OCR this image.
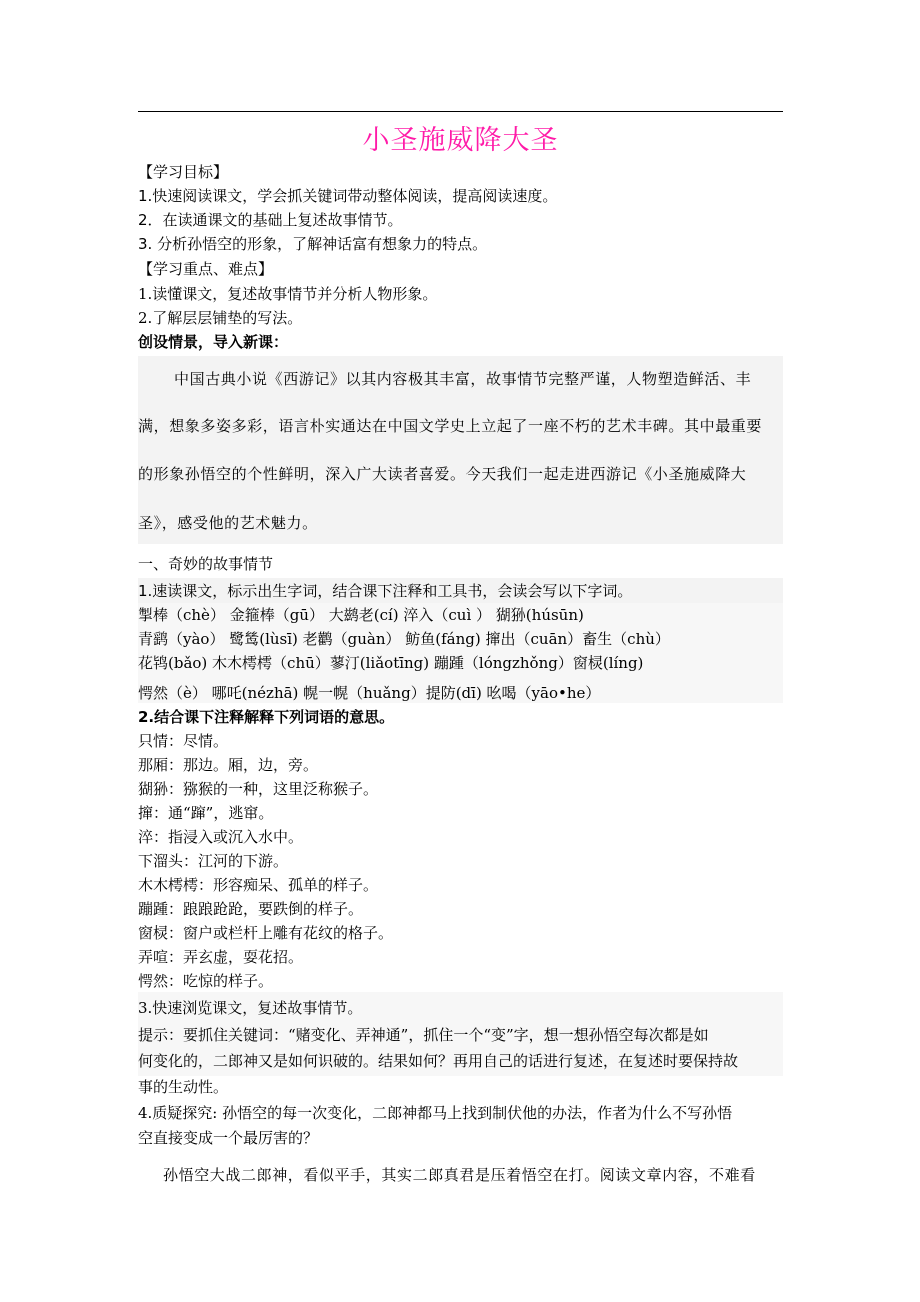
小圣施威降大圣
【学习目标】
1.快速阅读课文，学会抓关键词带动整体阅读，提高阅读速度。
2．在读通课文的基础上复述故事情节。
3. 分析孙悟空的形象，了解神话富有想象力的特点。
【学习重点、难点】
1.读懂课文，复述故事情节并分析人物形象。
2.了解层层铺垫的写法。
创设情景，导入新课：
中国古典小说《西游记》以其内容极其丰富，故事情节完整严谨，人物塑造鲜活、丰
满，想象多姿多彩，语言朴实通达在中国文学史上立起了一座不朽的艺术丰碑。其中最重要
的形象孙悟空的个性鲜明，深入广大读者喜爱。今天我们一起走进西游记《小圣施威降大
圣》，感受他的艺术魅力。
一、奇妙的故事情节
1.速读课文，标示出生字词，结合课下注释和工具书，会读会写以下字词。
掣棒（chè） 金箍棒（gū） 大鹚老(cí) 淬入（cuì ） 猢狲(húsūn)
青鹞（yào） 鹭鸶(lùsī) 老鹳（guàn） 鲂鱼(fáng) 撺出（cuān）畜生（chù）
花鸨(bǎo) 木木樗樗（chū）蓼汀(liǎotīng) 蹦踵（lóngzhǒng）窗棂(líng)
愕然（è） 哪吒(nézhā) 幌一幌（huǎng）提防(dī) 吆喝（yāo•he）
2.结合课下注释解释下列词语的意思。
只情：尽情。
那厢：那边。厢，边，旁。
猢狲：猕猴的一种，这里泛称猴子。
撺：通“蹿”，逃窜。
淬：指浸入或沉入水中。
下溜头：江河的下游。
木木樗樗：形容痴呆、孤单的样子。
蹦踵：踉踉跄跄，要跌倒的样子。
窗棂：窗户或栏杆上雕有花纹的格子。
弄喧：弄玄虚，耍花招。
愕然：吃惊的样子。
3.快速浏览课文，复述故事情节。
提示：要抓住关键词：“赌变化、弄神通”，抓住一个“变”字，想一想孙悟空每次都是如
何变化的，二郎神又是如何识破的。结果如何？再用自己的话进行复述，在复述时要保持故
事的生动性。
4.质疑探究: 孙悟空的每一次变化，二郎神都马上找到制伏他的办法，作者为什么不写孙悟
空直接变成一个最厉害的？
孙悟空大战二郎神，看似平手，其实二郎真君是压着悟空在打。阅读文章内容，不难看
